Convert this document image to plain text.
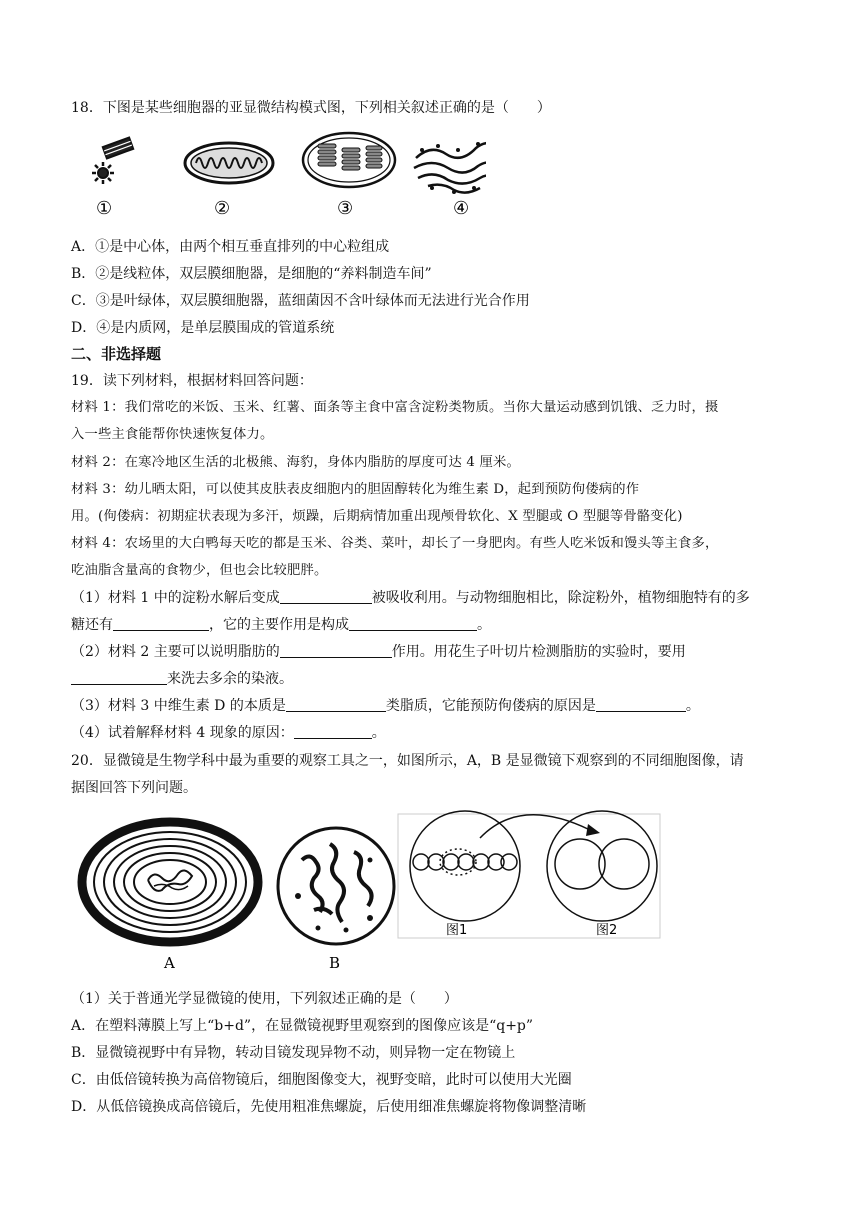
18．下图是某些细胞器的亚显微结构模式图，下列相关叙述正确的是（　　）
①	②	③	④
A．①是中心体，由两个相互垂直排列的中心粒组成
B．②是线粒体，双层膜细胞器，是细胞的“养料制造车间”
C．③是叶绿体，双层膜细胞器，蓝细菌因不含叶绿体而无法进行光合作用
D．④是内质网，是单层膜围成的管道系统
二、非选择题
19．读下列材料，根据材料回答问题：
材料 1：我们常吃的米饭、玉米、红薯、面条等主食中富含淀粉类物质。当你大量运动感到饥饿、乏力时，摄
入一些主食能帮你快速恢复体力。
材料 2：在寒冷地区生活的北极熊、海豹，身体内脂肪的厚度可达 4 厘米。
材料 3：幼儿晒太阳，可以使其皮肤表皮细胞内的胆固醇转化为维生素 D，起到预防佝偻病的作
用。(佝偻病：初期症状表现为多汗，烦躁，后期病情加重出现颅骨软化、X 型腿或 O 型腿等骨骼变化)
材料 4：农场里的大白鸭每天吃的都是玉米、谷类、菜叶，却长了一身肥肉。有些人吃米饭和馒头等主食多，
吃油脂含量高的食物少，但也会比较肥胖。
（1）材料 1 中的淀粉水解后变成	被吸收利用。与动物细胞相比，除淀粉外，植物细胞特有的多
糖还有	，它的主要作用是构成	。
（2）材料 2 主要可以说明脂肪的	作用。用花生子叶切片检测脂肪的实验时，要用
来洗去多余的染液。
（3）材料 3 中维生素 D 的本质是	类脂质，它能预防佝偻病的原因是	。
（4）试着解释材料 4 现象的原因：	。
20．显微镜是生物学科中最为重要的观察工具之一，如图所示，A，B 是显微镜下观察到的不同细胞图像，请
据图回答下列问题。
A	B
图1	图2
（1）关于普通光学显微镜的使用，下列叙述正确的是（　　）
A．在塑料薄膜上写上“b+d”，在显微镜视野里观察到的图像应该是“q+p”
B．显微镜视野中有异物，转动目镜发现异物不动，则异物一定在物镜上
C．由低倍镜转换为高倍物镜后，细胞图像变大，视野变暗，此时可以使用大光圈
D．从低倍镜换成高倍镜后，先使用粗准焦螺旋，后使用细准焦螺旋将物像调整清晰
